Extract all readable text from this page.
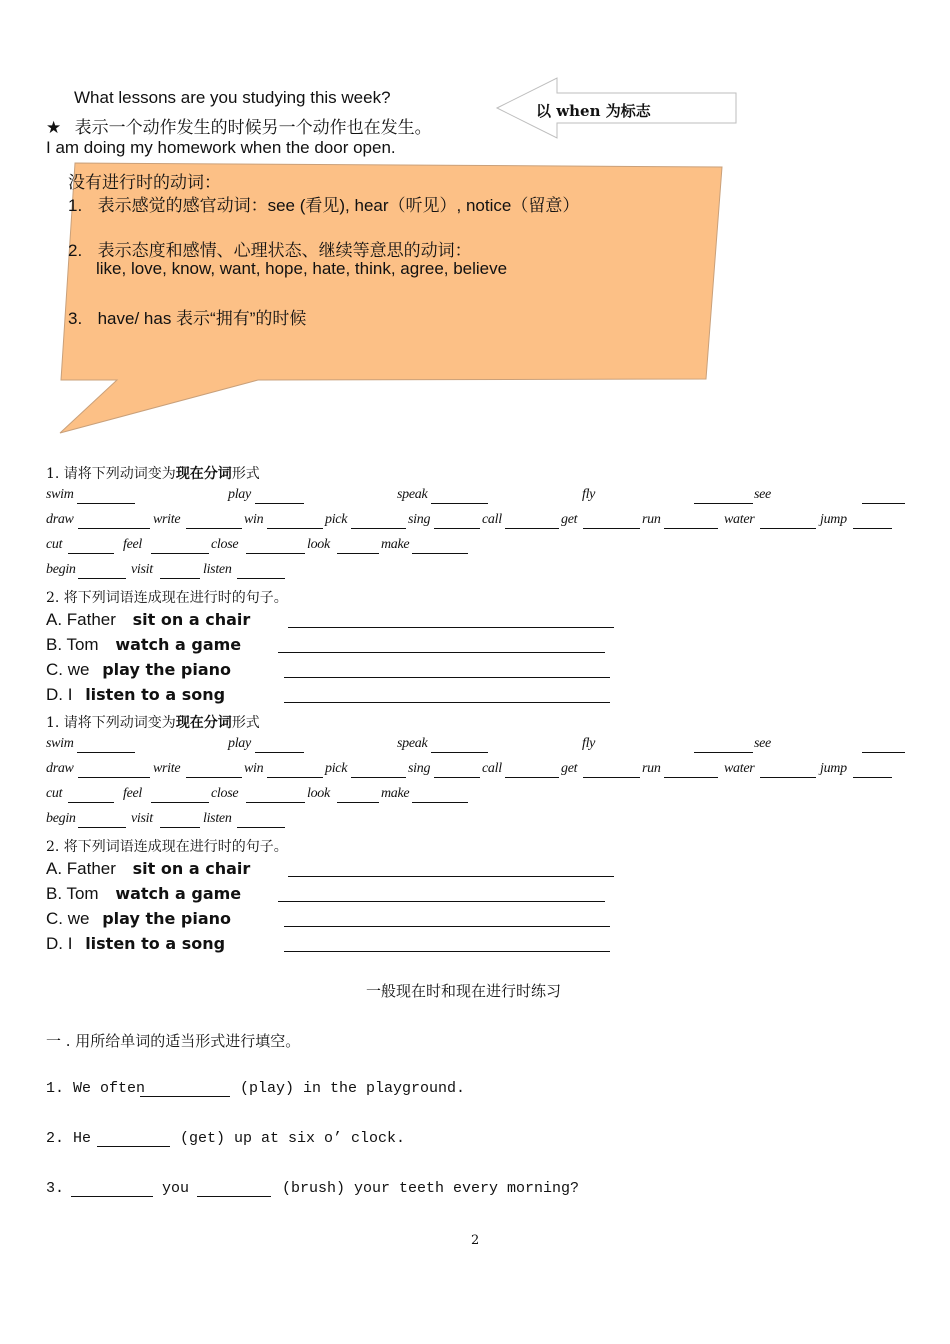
What lessons are you studying this week?
★ 表示一个动作发生的时候另一个动作也在发生。
I am doing my homework when the door open.
以 when 为标志
没有进行时的动词：
1. 表示感觉的感官动词：see (看见), hear（听见）, notice（留意）
2. 表示态度和感情、心理状态、继续等意思的动词：
like, love, know, want, hope, hate, think, agree, believe
3. have/ has 表示“拥有”的时候
1. 请将下列动词变为现在分词形式
swim	play	speak	fly	see
draw	write	win	pick	sing	call	get	run	water	jump
cut	feel	close	look	make
begin	visit	listen
2. 将下列词语连成现在进行时的句子。
A. Father sit on a chair
B. Tom watch a game
C. we play the piano
D. I listen to a song
1. 请将下列动词变为现在分词形式
swim	play	speak	fly	see
draw	write	win	pick	sing	call	get	run	water	jump
cut	feel	close	look	make
begin	visit	listen
2. 将下列词语连成现在进行时的句子。
A. Father sit on a chair
B. Tom watch a game
C. we play the piano
D. I listen to a song
一般现在时和现在进行时练习
一 . 用所给单词的适当形式进行填空。
1. We often	(play) in the playground.
2. He	(get) up at six o’ clock.
3.	you	(brush) your teeth every morning?
2
